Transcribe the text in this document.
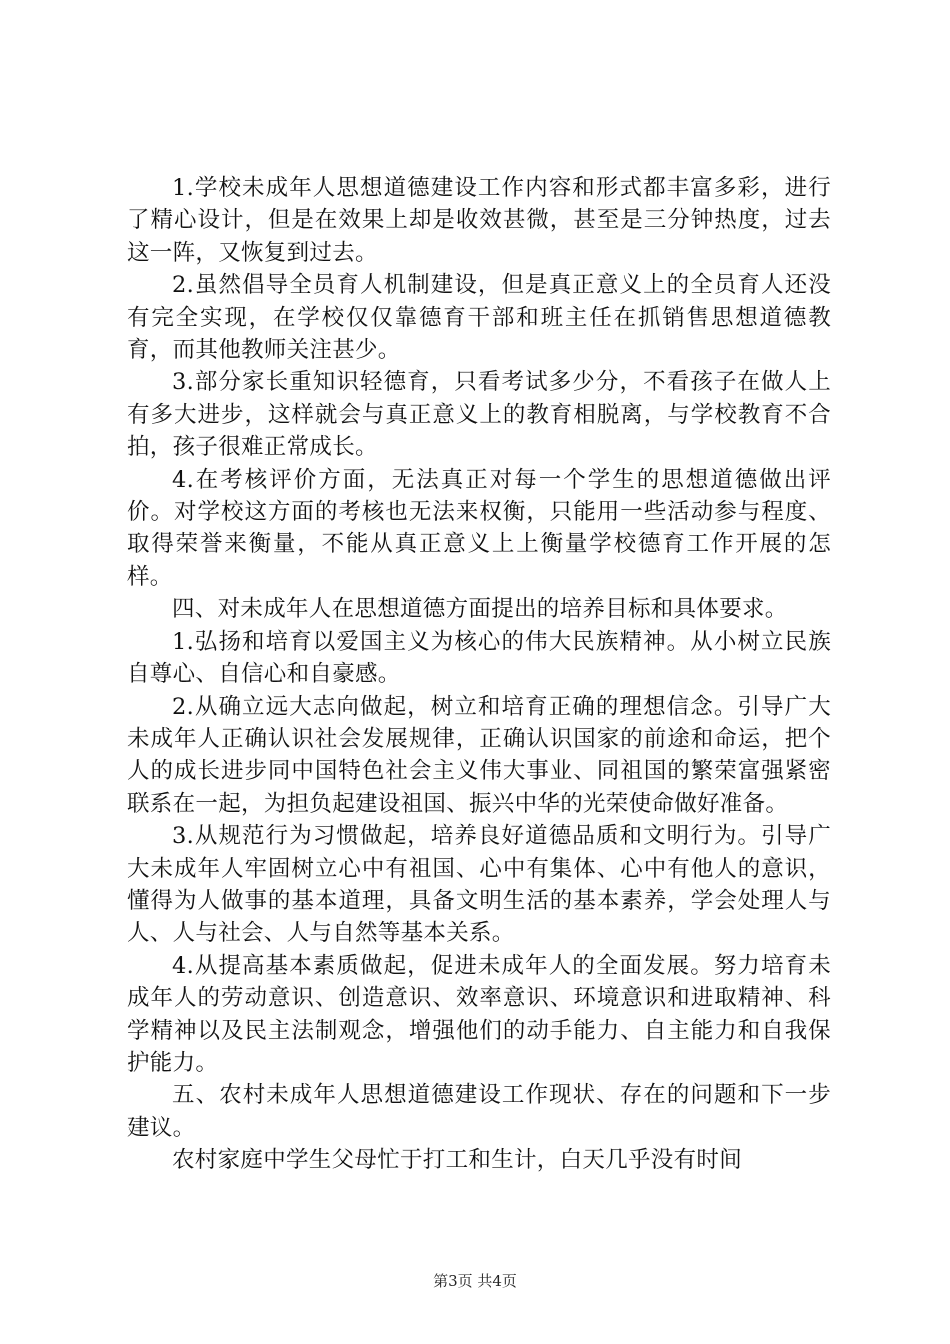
1.学校未成年人思想道德建设工作内容和形式都丰富多彩，进行了精心设计，但是在效果上却是收效甚微，甚至是三分钟热度，过去这一阵，又恢复到过去。

2.虽然倡导全员育人机制建设，但是真正意义上的全员育人还没有完全实现，在学校仅仅靠德育干部和班主任在抓销售思想道德教育，而其他教师关注甚少。

3.部分家长重知识轻德育，只看考试多少分，不看孩子在做人上有多大进步，这样就会与真正意义上的教育相脱离，与学校教育不合拍，孩子很难正常成长。

4.在考核评价方面，无法真正对每一个学生的思想道德做出评价。对学校这方面的考核也无法来权衡，只能用一些活动参与程度、取得荣誉来衡量，不能从真正意义上上衡量学校德育工作开展的怎样。

四、对未成年人在思想道德方面提出的培养目标和具体要求。

1.弘扬和培育以爱国主义为核心的伟大民族精神。从小树立民族自尊心、自信心和自豪感。

2.从确立远大志向做起，树立和培育正确的理想信念。引导广大未成年人正确认识社会发展规律，正确认识国家的前途和命运，把个人的成长进步同中国特色社会主义伟大事业、同祖国的繁荣富强紧密联系在一起，为担负起建设祖国、振兴中华的光荣使命做好准备。

3.从规范行为习惯做起，培养良好道德品质和文明行为。引导广大未成年人牢固树立心中有祖国、心中有集体、心中有他人的意识，懂得为人做事的基本道理，具备文明生活的基本素养，学会处理人与人、人与社会、人与自然等基本关系。

4.从提高基本素质做起，促进未成年人的全面发展。努力培育未成年人的劳动意识、创造意识、效率意识、环境意识和进取精神、科学精神以及民主法制观念，增强他们的动手能力、自主能力和自我保护能力。

五、农村未成年人思想道德建设工作现状、存在的问题和下一步建议。

农村家庭中学生父母忙于打工和生计，白天几乎没有时间

第3页 共4页
